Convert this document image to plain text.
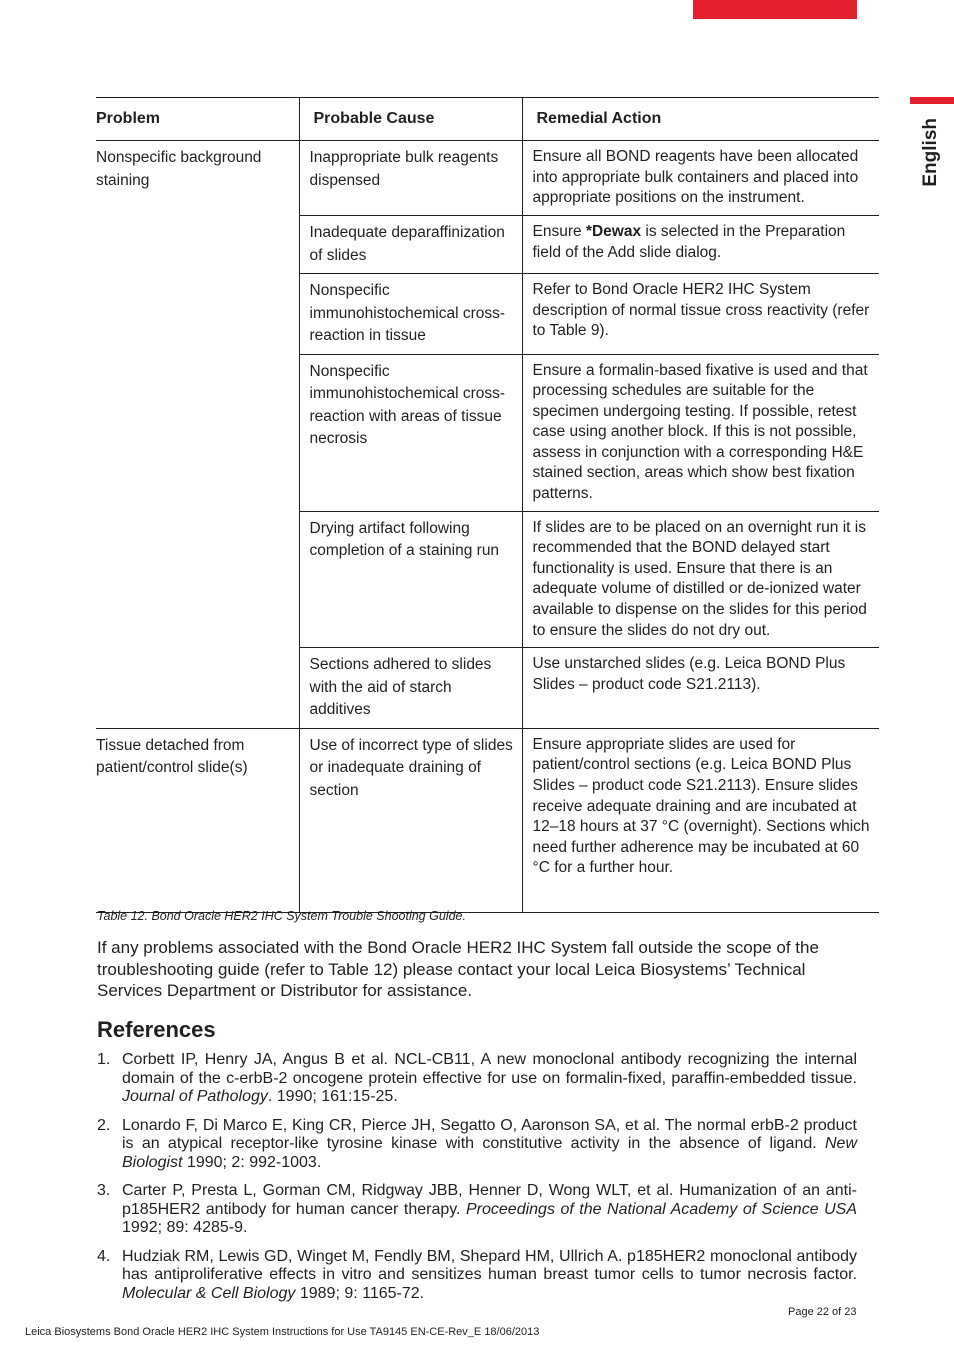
English
Problem	Probable Cause	Remedial Action

Nonspecific background staining	Inappropriate bulk reagents dispensed	Ensure all BOND reagents have been allocated into appropriate bulk containers and placed into appropriate positions on the instrument.
	Inadequate deparaffinization of slides	Ensure *Dewax is selected in the Preparation field of the Add slide dialog.
	Nonspecific immunohistochemical cross-reaction in tissue	Refer to Bond Oracle HER2 IHC System description of normal tissue cross reactivity (refer to Table 9).
	Nonspecific immunohistochemical cross-reaction with areas of tissue necrosis	Ensure a formalin-based fixative is used and that processing schedules are suitable for the specimen undergoing testing. If possible, retest case using another block. If this is not possible, assess in conjunction with a corresponding H&E stained section, areas which show best fixation patterns.
	Drying artifact following completion of a staining run	If slides are to be placed on an overnight run it is recommended that the BOND delayed start functionality is used. Ensure that there is an adequate volume of distilled or de-ionized water available to dispense on the slides for this period to ensure the slides do not dry out.
	Sections adhered to slides with the aid of starch additives	Use unstarched slides (e.g. Leica BOND Plus Slides – product code S21.2113).

Tissue detached from patient/control slide(s)	Use of incorrect type of slides or inadequate draining of section	Ensure appropriate slides are used for patient/control sections (e.g. Leica BOND Plus Slides – product code S21.2113). Ensure slides receive adequate draining and are incubated at 12–18 hours at 37 °C (overnight). Sections which need further adherence may be incubated at 60 °C for a further hour.
Table 12. Bond Oracle HER2 IHC System Trouble Shooting Guide.

If any problems associated with the Bond Oracle HER2 IHC System fall outside the scope of the troubleshooting guide (refer to Table 12) please contact your local Leica Biosystems’ Technical Services Department or Distributor for assistance.

References
1. Corbett IP, Henry JA, Angus B et al. NCL-CB11, A new monoclonal antibody recognizing the internal domain of the c-erbB-2 oncogene protein effective for use on formalin-fixed, paraffin-embedded tissue. Journal of Pathology. 1990; 161:15-25.
2. Lonardo F, Di Marco E, King CR, Pierce JH, Segatto O, Aaronson SA, et al. The normal erbB-2 product is an atypical receptor-like tyrosine kinase with constitutive activity in the absence of ligand. New Biologist 1990; 2: 992-1003.
3. Carter P, Presta L, Gorman CM, Ridgway JBB, Henner D, Wong WLT, et al. Humanization of an anti-p185HER2 antibody for human cancer therapy. Proceedings of the National Academy of Science USA 1992; 89: 4285-9.
4. Hudziak RM, Lewis GD, Winget M, Fendly BM, Shepard HM, Ullrich A. p185HER2 monoclonal antibody has antiproliferative effects in vitro and sensitizes human breast tumor cells to tumor necrosis factor. Molecular & Cell Biology 1989; 9: 1165-72.
Page 22 of 23
Leica Biosystems Bond Oracle HER2 IHC System Instructions for Use TA9145 EN-CE-Rev_E 18/06/2013
